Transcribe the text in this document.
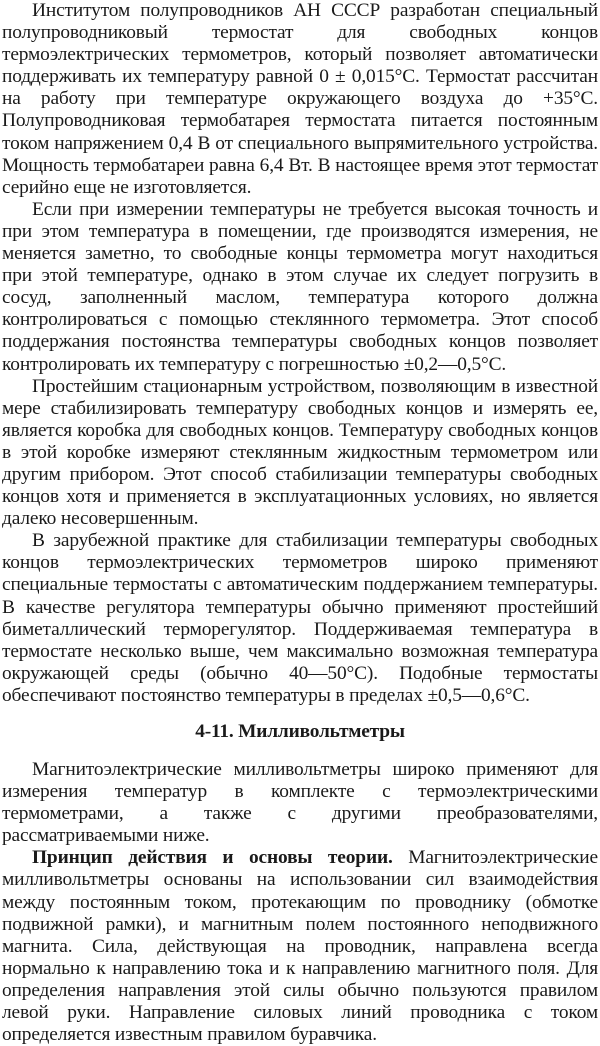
Институтом полупроводников АН СССР разработан специальный полупроводниковый термостат для свободных концов термоэлектрических термометров, который позволяет автоматически поддерживать их температуру равной 0 ± 0,015°С. Термостат рассчитан на работу при температуре окружающего воздуха до +35°С. Полупроводниковая термобатарея термостата питается постоянным током напряжением 0,4 В от специального выпрямительного устройства. Мощность термобатареи равна 6,4 Вт. В настоящее время этот термостат серийно еще не изготовляется.

Если при измерении температуры не требуется высокая точность и при этом температура в помещении, где производятся измерения, не меняется заметно, то свободные концы термометра могут находиться при этой температуре, однако в этом случае их следует погрузить в сосуд, заполненный маслом, температура которого должна контролироваться с помощью стеклянного термометра. Этот способ поддержания постоянства температуры свободных концов позволяет контролировать их температуру с погрешностью ±0,2—0,5°С.

Простейшим стационарным устройством, позволяющим в известной мере стабилизировать температуру свободных концов и измерять ее, является коробка для свободных концов. Температуру свободных концов в этой коробке измеряют стеклянным жидкостным термометром или другим прибором. Этот способ стабилизации температуры свободных концов хотя и применяется в эксплуатационных условиях, но является далеко несовершенным.

В зарубежной практике для стабилизации температуры свободных концов термоэлектрических термометров широко применяют специальные термостаты с автоматическим поддержанием температуры. В качестве регулятора температуры обычно применяют простейший биметаллический терморегулятор. Поддерживаемая температура в термостате несколько выше, чем максимально возможная температура окружающей среды (обычно 40—50°С). Подобные термостаты обеспечивают постоянство температуры в пределах ±0,5—0,6°С.

4-11. Милливольтметры

Магнитоэлектрические милливольтметры широко применяют для измерения температур в комплекте с термоэлектрическими термометрами, а также с другими преобразователями, рассматриваемыми ниже.

Принцип действия и основы теории. Магнитоэлектрические милливольтметры основаны на использовании сил взаимодействия между постоянным током, протекающим по проводнику (обмотке подвижной рамки), и магнитным полем постоянного неподвижного магнита. Сила, действующая на проводник, направлена всегда нормально к направлению тока и к направлению магнитного поля. Для определения направления этой силы обычно пользуются правилом левой руки. Направление силовых линий проводника с током определяется известным правилом буравчика.
